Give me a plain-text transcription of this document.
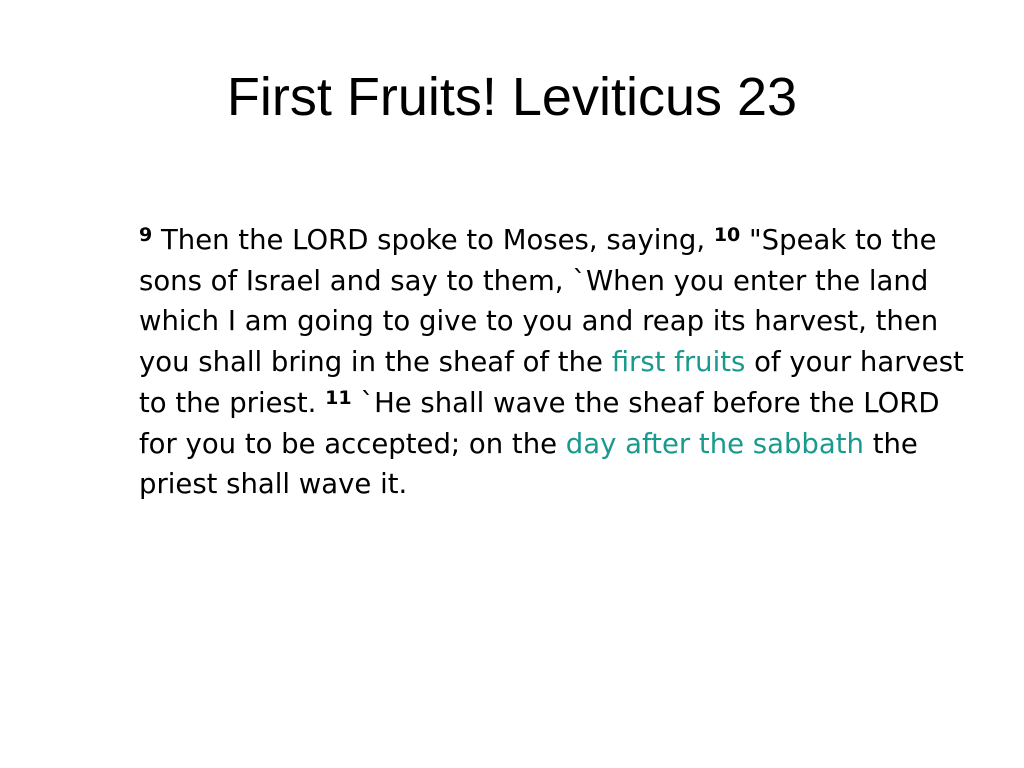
First Fruits! Leviticus 23

$^9$ Then the LORD spoke to Moses, saying, $^{10}$ "Speak to the sons of Israel and say to them, `When you enter the land which I am going to give to you and reap its harvest, then you shall bring in the sheaf of the first fruits of your harvest to the priest. $^{11}$ `He shall wave the sheaf before the LORD for you to be accepted; on the day after the sabbath the priest shall wave it.
